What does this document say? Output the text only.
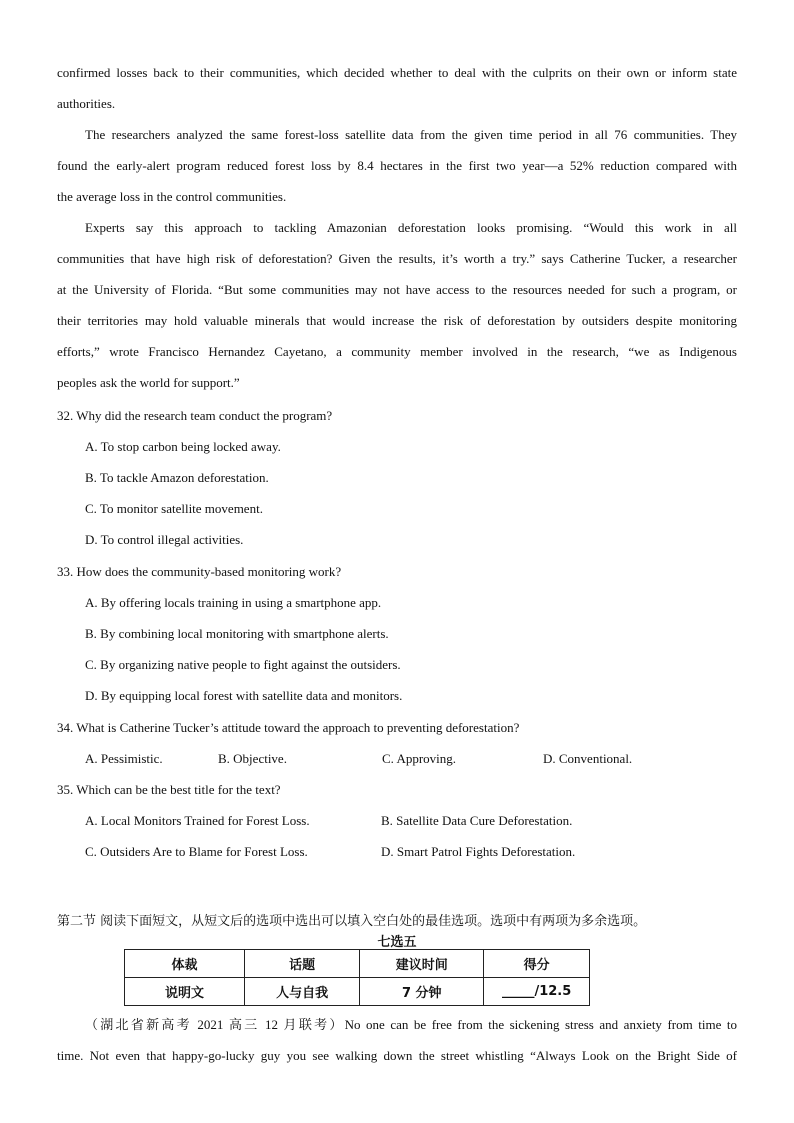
confirmed losses back to their communities, which decided whether to deal with the culprits on their own or inform state
authorities.
The researchers analyzed the same forest-loss satellite data from the given time period in all 76 communities. They
found the early-alert program reduced forest loss by 8.4 hectares in the first two year—a 52% reduction compared with
the average loss in the control communities.
Experts say this approach to tackling Amazonian deforestation looks promising. “Would this work in all
communities that have high risk of deforestation? Given the results, it’s worth a try.” says Catherine Tucker, a researcher
at the University of Florida. “But some communities may not have access to the resources needed for such a program, or
their territories may hold valuable minerals that would increase the risk of deforestation by outsiders despite monitoring
efforts,” wrote Francisco Hernandez Cayetano, a community member involved in the research, “we as Indigenous
peoples ask the world for support.”
32. Why did the research team conduct the program?
A. To stop carbon being locked away.
B. To tackle Amazon deforestation.
C. To monitor satellite movement.
D. To control illegal activities.
33. How does the community-based monitoring work?
A. By offering locals training in using a smartphone app.
B. By combining local monitoring with smartphone alerts.
C. By organizing native people to fight against the outsiders.
D. By equipping local forest with satellite data and monitors.
34. What is Catherine Tucker’s attitude toward the approach to preventing deforestation?
A. Pessimistic.	B. Objective.	C. Approving.	D. Conventional.
35. Which can be the best title for the text?
A. Local Monitors Trained for Forest Loss.	B. Satellite Data Cure Deforestation.
C. Outsiders Are to Blame for Forest Loss.	D. Smart Patrol Fights Deforestation.
第二节 阅读下面短文，从短文后的选项中选出可以填入空白处的最佳选项。选项中有两项为多余选项。
七选五
体裁	话题	建议时间	得分
说明文	人与自我	7 分钟	_____/12.5
（湖北省新高考 2021 高三 12 月联考）No one can be free from the sickening stress and anxiety from time to
time. Not even that happy-go-lucky guy you see walking down the street whistling “Always Look on the Bright Side of
